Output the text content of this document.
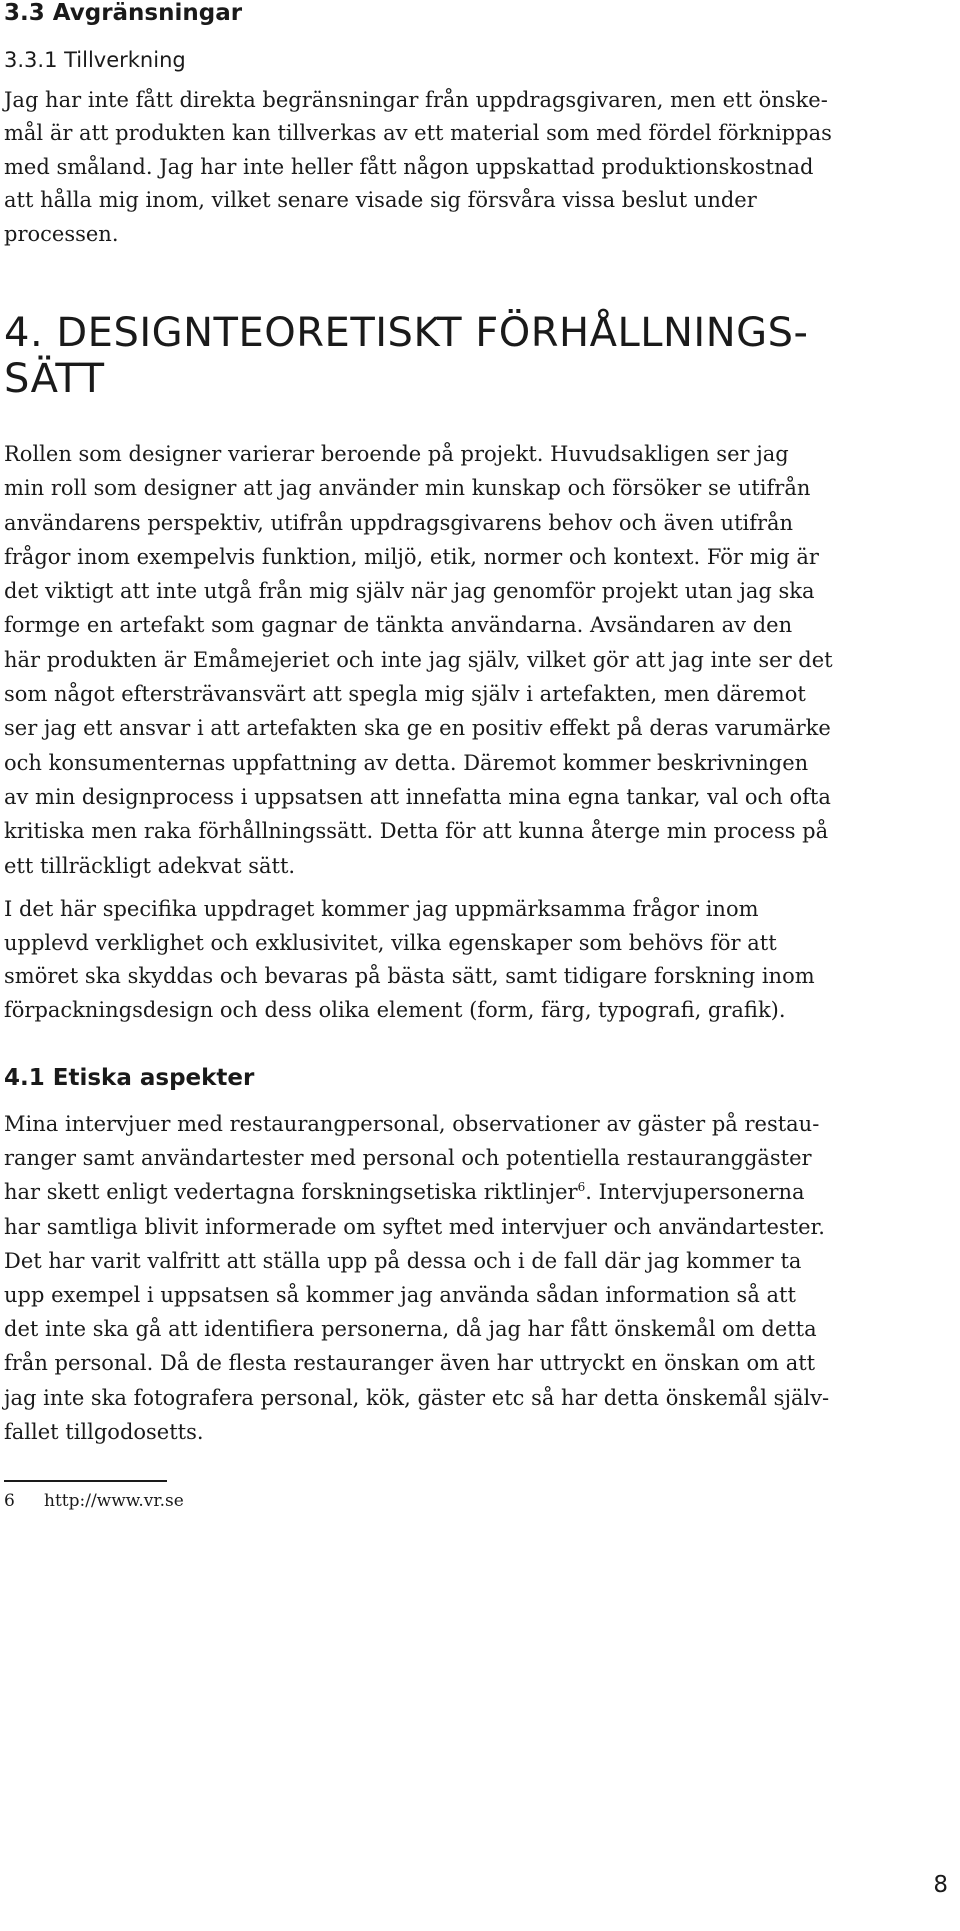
3.3 Avgränsningar
3.3.1 Tillverkning
Jag har inte fått direkta begränsningar från uppdragsgivaren, men ett önske-
mål är att produkten kan tillverkas av ett material som med fördel förknippas
med småland. Jag har inte heller fått någon uppskattad produktionskostnad
att hålla mig inom, vilket senare visade sig försvåra vissa beslut under
processen.
4. DESIGNTEORETISKT FÖRHÅLLNINGS-
SÄTT
Rollen som designer varierar beroende på projekt. Huvudsakligen ser jag
min roll som designer att jag använder min kunskap och försöker se utifrån
användarens perspektiv, utifrån uppdragsgivarens behov och även utifrån
frågor inom exempelvis funktion, miljö, etik, normer och kontext. För mig är
det viktigt att inte utgå från mig själv när jag genomför projekt utan jag ska
formge en artefakt som gagnar de tänkta användarna. Avsändaren av den
här produkten är Emåmejeriet och inte jag själv, vilket gör att jag inte ser det
som något eftersträvansvärt att spegla mig själv i artefakten, men däremot
ser jag ett ansvar i att artefakten ska ge en positiv effekt på deras varumärke
och konsumenternas uppfattning av detta. Däremot kommer beskrivningen
av min designprocess i uppsatsen att innefatta mina egna tankar, val och ofta
kritiska men raka förhållningssätt. Detta för att kunna återge min process på
ett tillräckligt adekvat sätt.
I det här specifika uppdraget kommer jag uppmärksamma frågor inom
upplevd verklighet och exklusivitet, vilka egenskaper som behövs för att
smöret ska skyddas och bevaras på bästa sätt, samt tidigare forskning inom
förpackningsdesign och dess olika element (form, färg, typografi, grafik).
4.1 Etiska aspekter
Mina intervjuer med restaurangpersonal, observationer av gäster på restau-
ranger samt användartester med personal och potentiella restauranggäster
har skett enligt vedertagna forskningsetiska riktlinjer$^6$. Intervjupersonerna
har samtliga blivit informerade om syftet med intervjuer och användartester.
Det har varit valfritt att ställa upp på dessa och i de fall där jag kommer ta
upp exempel i uppsatsen så kommer jag använda sådan information så att
det inte ska gå att identifiera personerna, då jag har fått önskemål om detta
från personal. Då de flesta restauranger även har uttryckt en önskan om att
jag inte ska fotografera personal, kök, gäster etc så har detta önskemål själv-
fallet tillgodosetts.
6 http://www.vr.se
8
